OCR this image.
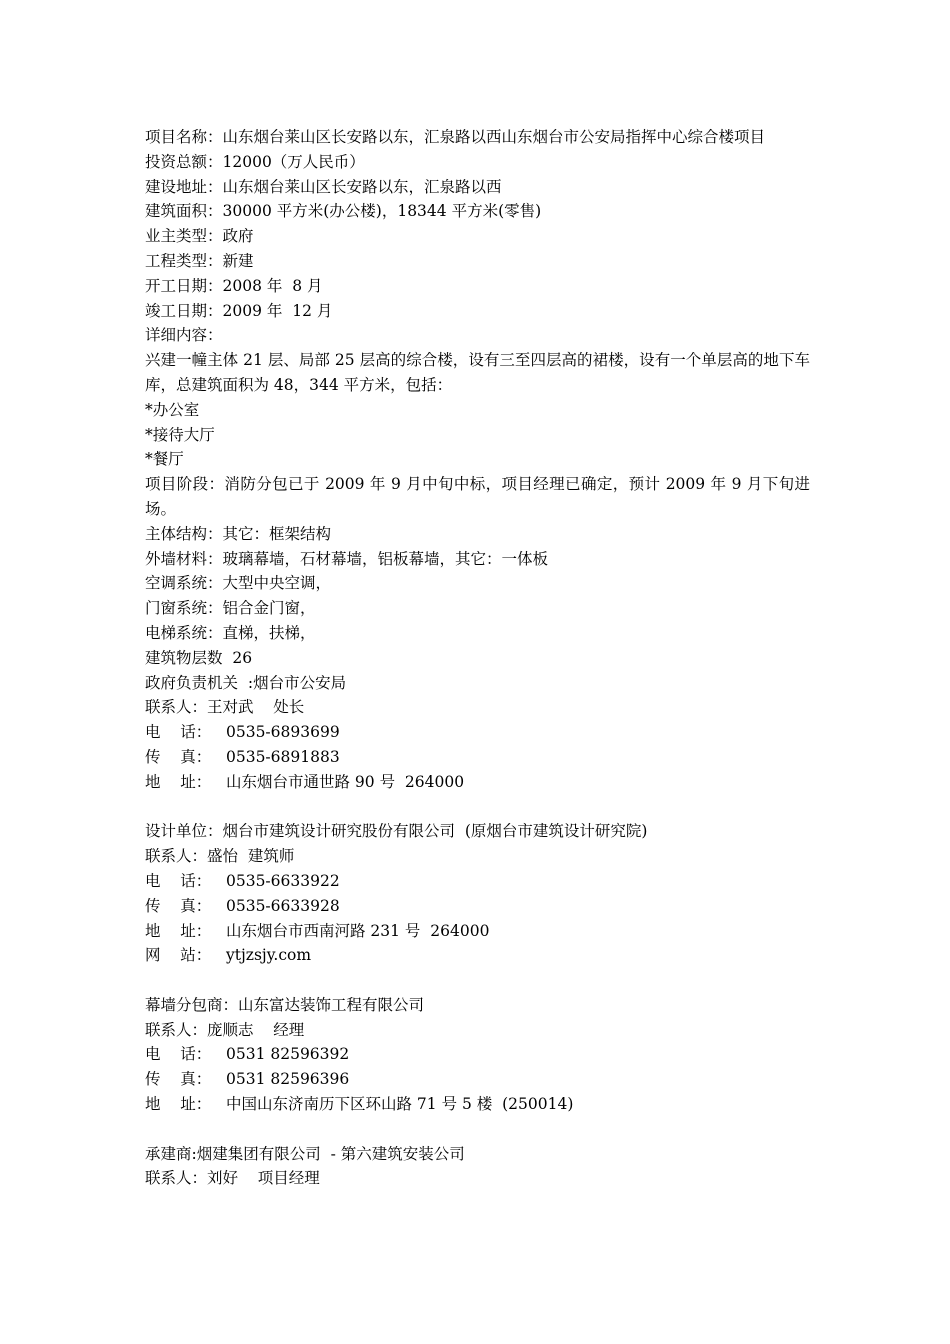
项目名称：山东烟台莱山区长安路以东，汇泉路以西山东烟台市公安局指挥中心综合楼项目
投资总额：12000（万人民币）
建设地址：山东烟台莱山区长安路以东，汇泉路以西
建筑面积：30000 平方米(办公楼)，18344 平方米(零售)
业主类型：政府
工程类型：新建
开工日期：2008 年  8 月
竣工日期：2009 年  12 月
详细内容：
兴建一幢主体 21 层、局部 25 层高的综合楼，设有三至四层高的裙楼，设有一个单层高的地下车库，总建筑面积为 48，344 平方米，包括：
*办公室
*接待大厅
*餐厅
项目阶段：消防分包已于 2009 年 9 月中旬中标，项目经理已确定，预计 2009 年 9 月下旬进场。
主体结构：其它：框架结构
外墙材料：玻璃幕墙，石材幕墙，铝板幕墙，其它：一体板
空调系统：大型中央空调，
门窗系统：铝合金门窗，
电梯系统：直梯，扶梯，
建筑物层数  26
政府负责机关  :烟台市公安局
联系人：王对武    处长
电    话：   0535-6893699
传    真：   0535-6891883
地    址：   山东烟台市通世路 90 号  264000
设计单位：烟台市建筑设计研究股份有限公司  (原烟台市建筑设计研究院)
联系人：盛怡  建筑师
电    话：   0535-6633922
传    真：   0535-6633928
地    址：   山东烟台市西南河路 231 号  264000
网    站：   ytjzsjy.com
幕墙分包商：山东富达装饰工程有限公司
联系人：庞顺志    经理
电    话：   0531 82596392
传    真：   0531 82596396
地    址：   中国山东济南历下区环山路 71 号 5 楼  (250014)
承建商:烟建集团有限公司  - 第六建筑安装公司
联系人：刘好    项目经理
